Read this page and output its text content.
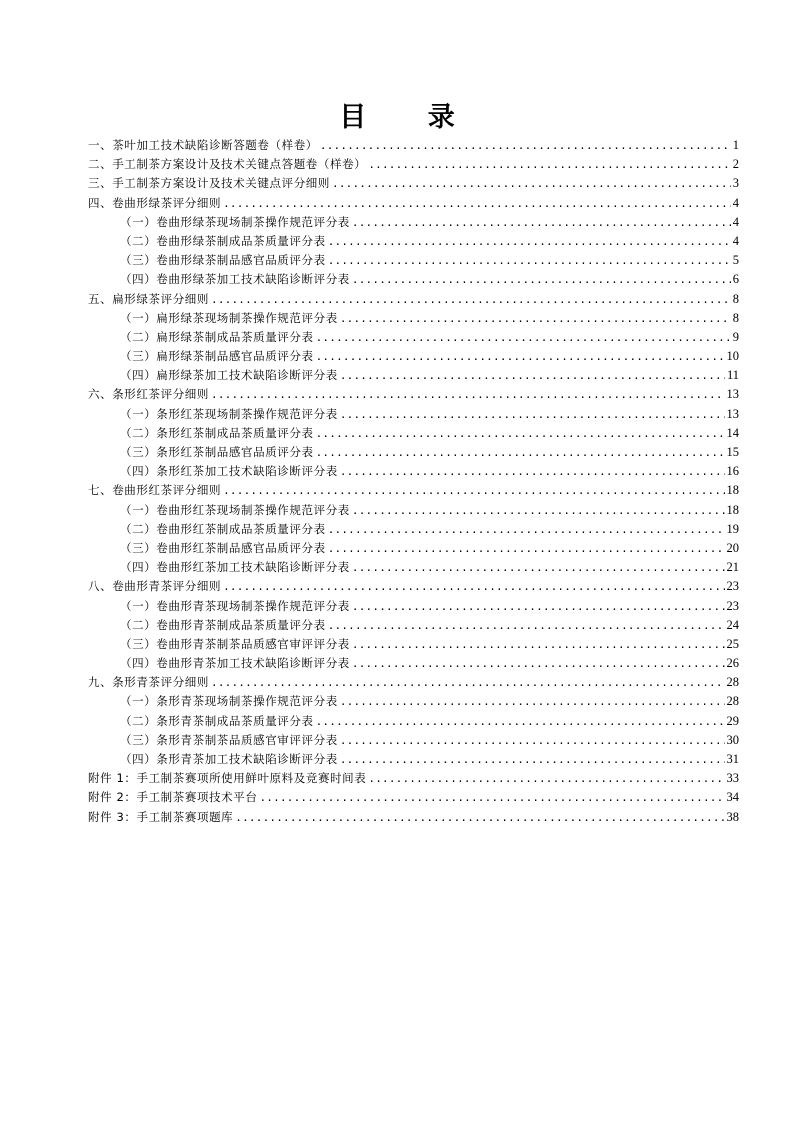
目 录
一、茶叶加工技术缺陷诊断答题卷（样卷） .....	1
二、手工制茶方案设计及技术关键点答题卷（样卷） .....	2
三、手工制茶方案设计及技术关键点评分细则 .....	3
四、卷曲形绿茶评分细则 .....	4
（一）卷曲形绿茶现场制茶操作规范评分表 .....	4
（二）卷曲形绿茶制成品茶质量评分表 .....	4
（三）卷曲形绿茶制品感官品质评分表 .....	5
（四）卷曲形绿茶加工技术缺陷诊断评分表 .....	6
五、扁形绿茶评分细则 .....	8
（一）扁形绿茶现场制茶操作规范评分表 .....	8
（二）扁形绿茶制成品茶质量评分表 .....	9
（三）扁形绿茶制品感官品质评分表 .....	10
（四）扁形绿茶加工技术缺陷诊断评分表 .....	11
六、条形红茶评分细则 .....	13
（一）条形红茶现场制茶操作规范评分表 .....	13
（二）条形红茶制成品茶质量评分表 .....	14
（三）条形红茶制品感官品质评分表 .....	15
（四）条形红茶加工技术缺陷诊断评分表 .....	16
七、卷曲形红茶评分细则 .....	18
（一）卷曲形红茶现场制茶操作规范评分表 .....	18
（二）卷曲形红茶制成品茶质量评分表 .....	19
（三）卷曲形红茶制品感官品质评分表 .....	20
（四）卷曲形红茶加工技术缺陷诊断评分表 .....	21
八、卷曲形青茶评分细则 .....	23
（一）卷曲形青茶现场制茶操作规范评分表 .....	23
（二）卷曲形青茶制成品茶质量评分表 .....	24
（三）卷曲形青茶制茶品质感官审评评分表 .....	25
（四）卷曲形青茶加工技术缺陷诊断评分表 .....	26
九、条形青茶评分细则 .....	28
（一）条形青茶现场制茶操作规范评分表 .....	28
（二）条形青茶制成品茶质量评分表 .....	29
（三）条形青茶制茶品质感官审评评分表 .....	30
（四）条形青茶加工技术缺陷诊断评分表 .....	31
附件 1：手工制茶赛项所使用鲜叶原料及竞赛时间表 .....	33
附件 2：手工制茶赛项技术平台 .....	34
附件 3：手工制茶赛项题库 .....	38
